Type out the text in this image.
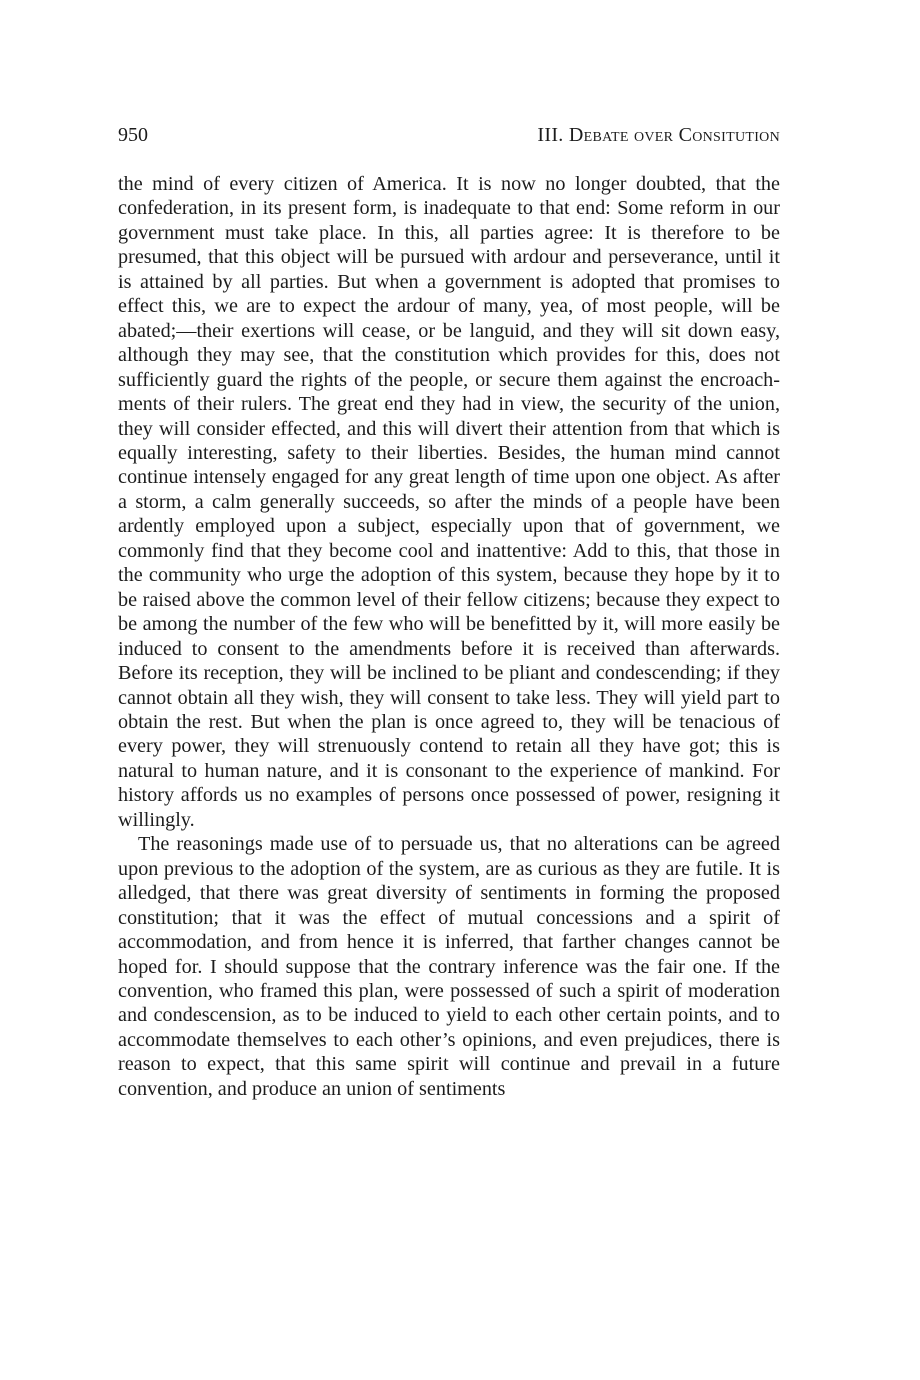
950	III. Debate over Consitution

the mind of every citizen of America. It is now no longer doubted, that the confederation, in its present form, is inadequate to that end: Some reform in our government must take place. In this, all parties agree: It is therefore to be presumed, that this object will be pursued with ardour and perseverance, until it is attained by all parties. But when a government is adopted that promises to effect this, we are to expect the ardour of many, yea, of most people, will be abated;—their exertions will cease, or be languid, and they will sit down easy, although they may see, that the constitution which provides for this, does not sufficiently guard the rights of the people, or secure them against the encroachments of their rulers. The great end they had in view, the security of the union, they will consider effected, and this will divert their attention from that which is equally interesting, safety to their liberties. Besides, the human mind cannot continue intensely engaged for any great length of time upon one object. As after a storm, a calm generally succeeds, so after the minds of a people have been ardently employed upon a subject, especially upon that of government, we commonly find that they become cool and inattentive: Add to this, that those in the community who urge the adoption of this system, because they hope by it to be raised above the common level of their fellow citizens; because they expect to be among the number of the few who will be benefitted by it, will more easily be induced to consent to the amendments before it is received than afterwards. Before its reception, they will be inclined to be pliant and condescending; if they cannot obtain all they wish, they will consent to take less. They will yield part to obtain the rest. But when the plan is once agreed to, they will be tenacious of every power, they will strenuously contend to retain all they have got; this is natural to human nature, and it is consonant to the experience of mankind. For history affords us no examples of persons once possessed of power, resigning it willingly.

The reasonings made use of to persuade us, that no alterations can be agreed upon previous to the adoption of the system, are as curious as they are futile. It is alledged, that there was great diversity of sentiments in forming the proposed constitution; that it was the effect of mutual concessions and a spirit of accommodation, and from hence it is inferred, that farther changes cannot be hoped for. I should suppose that the contrary inference was the fair one. If the convention, who framed this plan, were possessed of such a spirit of moderation and condescension, as to be induced to yield to each other certain points, and to accommodate themselves to each other’s opinions, and even prejudices, there is reason to expect, that this same spirit will continue and prevail in a future convention, and produce an union of sentiments
